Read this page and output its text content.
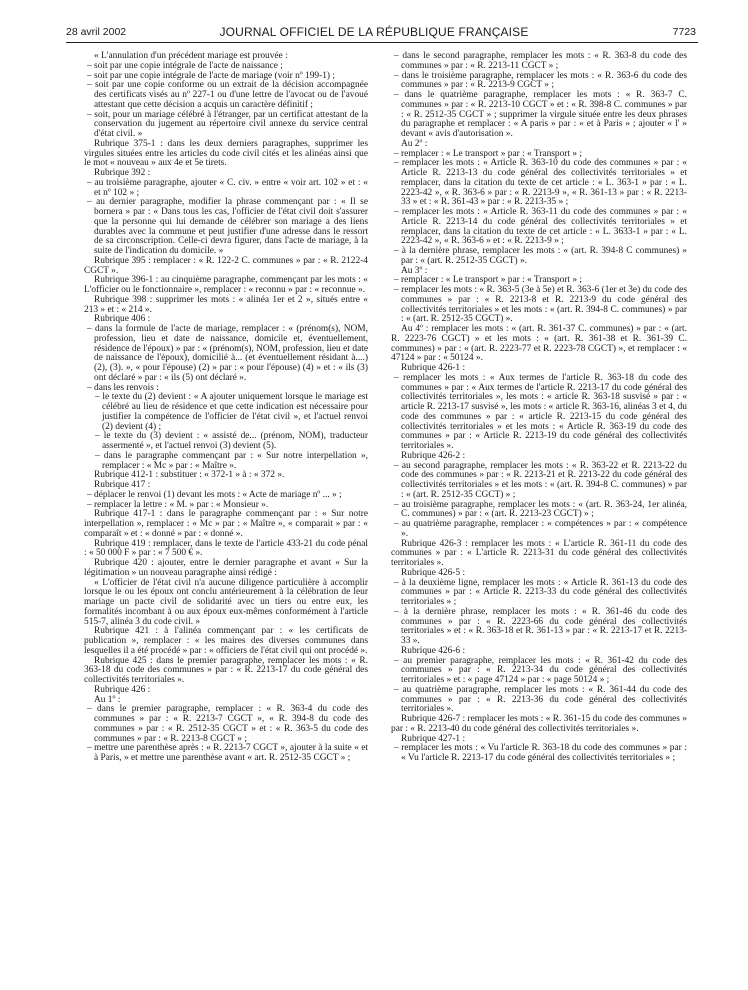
28 avril 2002	JOURNAL OFFICIEL DE LA RÉPUBLIQUE FRANÇAISE	7723

« L'annulation d'un précédent mariage est prouvée :

– soit par une copie intégrale de l'acte de naissance ;

– soit par une copie intégrale de l'acte de mariage (voir nº 199-1) ;

– soit par une copie conforme ou un extrait de la décision accompagnée des certificats visés au nº 227-1 ou d'une lettre de l'avocat ou de l'avoué attestant que cette décision a acquis un caractère définitif ;

– soit, pour un mariage célébré à l'étranger, par un certificat attestant de la conservation du jugement au répertoire civil annexe du service central d'état civil. »

Rubrique 375-1 : dans les deux derniers paragraphes, supprimer les virgules situées entre les articles du code civil cités et les alinéas ainsi que le mot « nouveau » aux 4e et 5e tirets.

Rubrique 392 :

– au troisième paragraphe, ajouter « C. civ. » entre « voir art. 102 » et : « et nº 102 » ;

– au dernier paragraphe, modifier la phrase commençant par : « Il se bornera » par : « Dans tous les cas, l'officier de l'état civil doit s'assurer que la personne qui lui demande de célébrer son mariage a des liens durables avec la commune et peut justifier d'une adresse dans le ressort de sa circonscription. Celle-ci devra figurer, dans l'acte de mariage, à la suite de l'indication du domicile. »

Rubrique 395 : remplacer : « R. 122-2 C. communes » par : « R. 2122-4 CGCT ».

Rubrique 396-1 : au cinquième paragraphe, commençant par les mots : « L'officier ou le fonctionnaire », remplacer : « reconnu » par : « reconnue ».

Rubrique 398 : supprimer les mots : « alinéa 1er et 2 », situés entre « 213 » et : « 214 ».

Rubrique 406 :

– dans la formule de l'acte de mariage, remplacer : « (prénom(s), NOM, profession, lieu et date de naissance, domicile et, éventuellement, résidence de l'époux) » par : « (prénom(s), NOM, profession, lieu et date de naissance de l'époux), domicilié à... (et éventuellement résidant à....) (2), (3). », « pour l'épouse) (2) » par : « pour l'épouse) (4) » et : « ils (3) ont déclaré » par : « ils (5) ont déclaré ».

– dans les renvois :

– le texte du (2) devient : « A ajouter uniquement lorsque le mariage est célébré au lieu de résidence et que cette indication est nécessaire pour justifier la compétence de l'officier de l'état civil », et l'actuel renvoi (2) devient (4) ;

– le texte du (3) devient : « assisté de... (prénom, NOM), traducteur assermenté », et l'actuel renvoi (3) devient (5).

– dans le paragraphe commençant par : « Sur notre interpellation », remplacer : « Mc » par : « Maître ».

Rubrique 412-1 : substituer : « 372-1 » à : « 372 ».

Rubrique 417 :

– déplacer le renvoi (1) devant les mots : « Acte de mariage nº ... » ;

– remplacer la lettre : « M. » par : « Monsieur ».

Rubrique 417-1 : dans le paragraphe commençant par : « Sur notre interpellation », remplacer : « Mc » par : « Maître », « comparait » par : « comparaît » et : « donné » par : « donné ».

Rubrique 419 : remplacer, dans le texte de l'article 433-21 du code pénal : « 50 000 F » par : « 7 500 € ».

Rubrique 420 : ajouter, entre le dernier paragraphe et avant « Sur la légitimation » un nouveau paragraphe ainsi rédigé :

« L'officier de l'état civil n'a aucune diligence particulière à accomplir lorsque le ou les époux ont conclu antérieurement à la célébration de leur mariage un pacte civil de solidarité avec un tiers ou entre eux, les formalités incombant à ou aux époux eux-mêmes conformément à l'article 515-7, alinéa 3 du code civil. »

Rubrique 421 : à l'alinéa commençant par : « les certificats de publication », remplacer : « les maires des diverses communes dans lesquelles il a été procédé » par : « officiers de l'état civil qui ont procédé ».

Rubrique 425 : dans le premier paragraphe, remplacer les mots : « R. 363-18 du code des communes » par : « R. 2213-17 du code général des collectivités territoriales ».

Rubrique 426 :

Au 1º :

– dans le premier paragraphe, remplacer : « R. 363-4 du code des communes » par : « R. 2213-7 CGCT », « R. 394-8 du code des communes » par : « R. 2512-35 CGCT » et : « R. 363-5 du code des communes » par : « R. 2213-8 CGCT » ;

– mettre une parenthèse après : « R. 2213-7 CGCT », ajouter à la suite « et à Paris, » et mettre une parenthèse avant « art. R. 2512-35 CGCT » ;

– dans le second paragraphe, remplacer les mots : « R. 363-8 du code des communes » par : « R. 2213-11 CGCT » ;

– dans le troisième paragraphe, remplacer les mots : « R. 363-6 du code des communes » par : « R. 2213-9 CGCT » ;

– dans le quatrième paragraphe, remplacer les mots : « R. 363-7 C. communes » par : « R. 2213-10 CGCT » et : « R. 398-8 C. communes » par : « R. 2512-35 CGCT » ; supprimer la virgule située entre les deux phrases du paragraphe et remplacer : « A paris » par : « et à Paris » ; ajouter « l' » devant « avis d'autorisation ».

Au 2º :

– remplacer : « Le transport » par : « Transport » ;

– remplacer les mots : « Article R. 363-10 du code des communes » par : « Article R. 2213-13 du code général des collectivités territoriales » et remplacer, dans la citation du texte de cet article : « L. 363-1 » par : « L. 2223-42 », « R. 363-6 » par : « R. 2213-9 », « R. 361-13 » par : « R. 2213-33 » et : « R. 361-43 » par : « R. 2213-35 » ;

– remplacer les mots : « Article R. 363-11 du code des communes » par : « Article R. 2213-14 du code général des collectivités territoriales » et remplacer, dans la citation du texte de cet article : « L. 3633-1 » par : « L. 2223-42 », « R. 363-6 » et : « R. 2213-9 » ;

– à la dernière phrase, remplacer les mots : « (art. R. 394-8 C communes) » par : « (art. R. 2512-35 CGCT) ».

Au 3º :

– remplacer : « Le transport » par : « Transport » ;

– remplacer les mots : « R. 363-5 (3e à 5e) et R. 363-6 (1er et 3e) du code des communes » par : « R. 2213-8 et R. 2213-9 du code général des collectivités territoriales » et les mots : « (art. R. 394-8 C. communes) » par : « (art. R. 2512-35 CGCT) ».

Au 4º : remplacer les mots : « (art. R. 361-37 C. communes) » par : « (art. R. 2223-76 CGCT) » et les mots : « (art. R. 361-38 et R. 361-39 C. communes) » par : « (art. R. 2223-77 et R. 2223-78 CGCT) », et remplacer : « 47124 » par : « 50124 ».

Rubrique 426-1 :

– remplacer les mots : « Aux termes de l'article R. 363-18 du code des communes » par : « Aux termes de l'article R. 2213-17 du code général des collectivités territoriales », les mots : « article R. 363-18 susvisé » par : « article R. 2213-17 susvisé », les mots : « article R. 363-16, alinéas 3 et 4, du code des communes » par : « article R. 2213-15 du code général des collectivités territoriales » et les mots : « Article R. 363-19 du code des communes » par : « Article R. 2213-19 du code général des collectivités territoriales ».

Rubrique 426-2 :

– au second paragraphe, remplacer les mots : « R. 363-22 et R. 2213-22 du code des communes » par : « R. 2213-21 et R. 2213-22 du code général des collectivités territoriales » et les mots : « (art. R. 394-8 C. communes) » par : « (art. R. 2512-35 CGCT) » ;

– au troisième paragraphe, remplacer les mots : « (art. R. 363-24, 1er alinéa, C. communes) » par : « (art. R. 2213-23 CGCT) » ;

– au quatrième paragraphe, remplacer : « compétences » par : « compétence ».

Rubrique 426-3 : remplacer les mots : « L'article R. 361-11 du code des communes » par : « L'article R. 2213-31 du code général des collectivités territoriales ».

Rubrique 426-5 :

– à la deuxième ligne, remplacer les mots : « Article R. 361-13 du code des communes » par : « Article R. 2213-33 du code général des collectivités territoriales » ;

– à la dernière phrase, remplacer les mots : « R. 361-46 du code des communes » par : « R. 2223-66 du code général des collectivités territoriales » et : « R. 363-18 et R. 361-13 » par : « R. 2213-17 et R. 2213-33 ».

Rubrique 426-6 :

– au premier paragraphe, remplacer les mots : « R. 361-42 du code des communes » par : « R. 2213-34 du code général des collectivités territoriales » et : « page 47124 » par : « page 50124 » ;

– au quatrième paragraphe, remplacer les mots : « R. 361-44 du code des communes » par : « R. 2213-36 du code général des collectivités territoriales ».

Rubrique 426-7 : remplacer les mots : « R. 361-15 du code des communes » par : « R. 2213-40 du code général des collectivités territoriales ».

Rubrique 427-1 :

– remplacer les mots : « Vu l'article R. 363-18 du code des communes » par : « Vu l'article R. 2213-17 du code général des collectivités territoriales » ;
